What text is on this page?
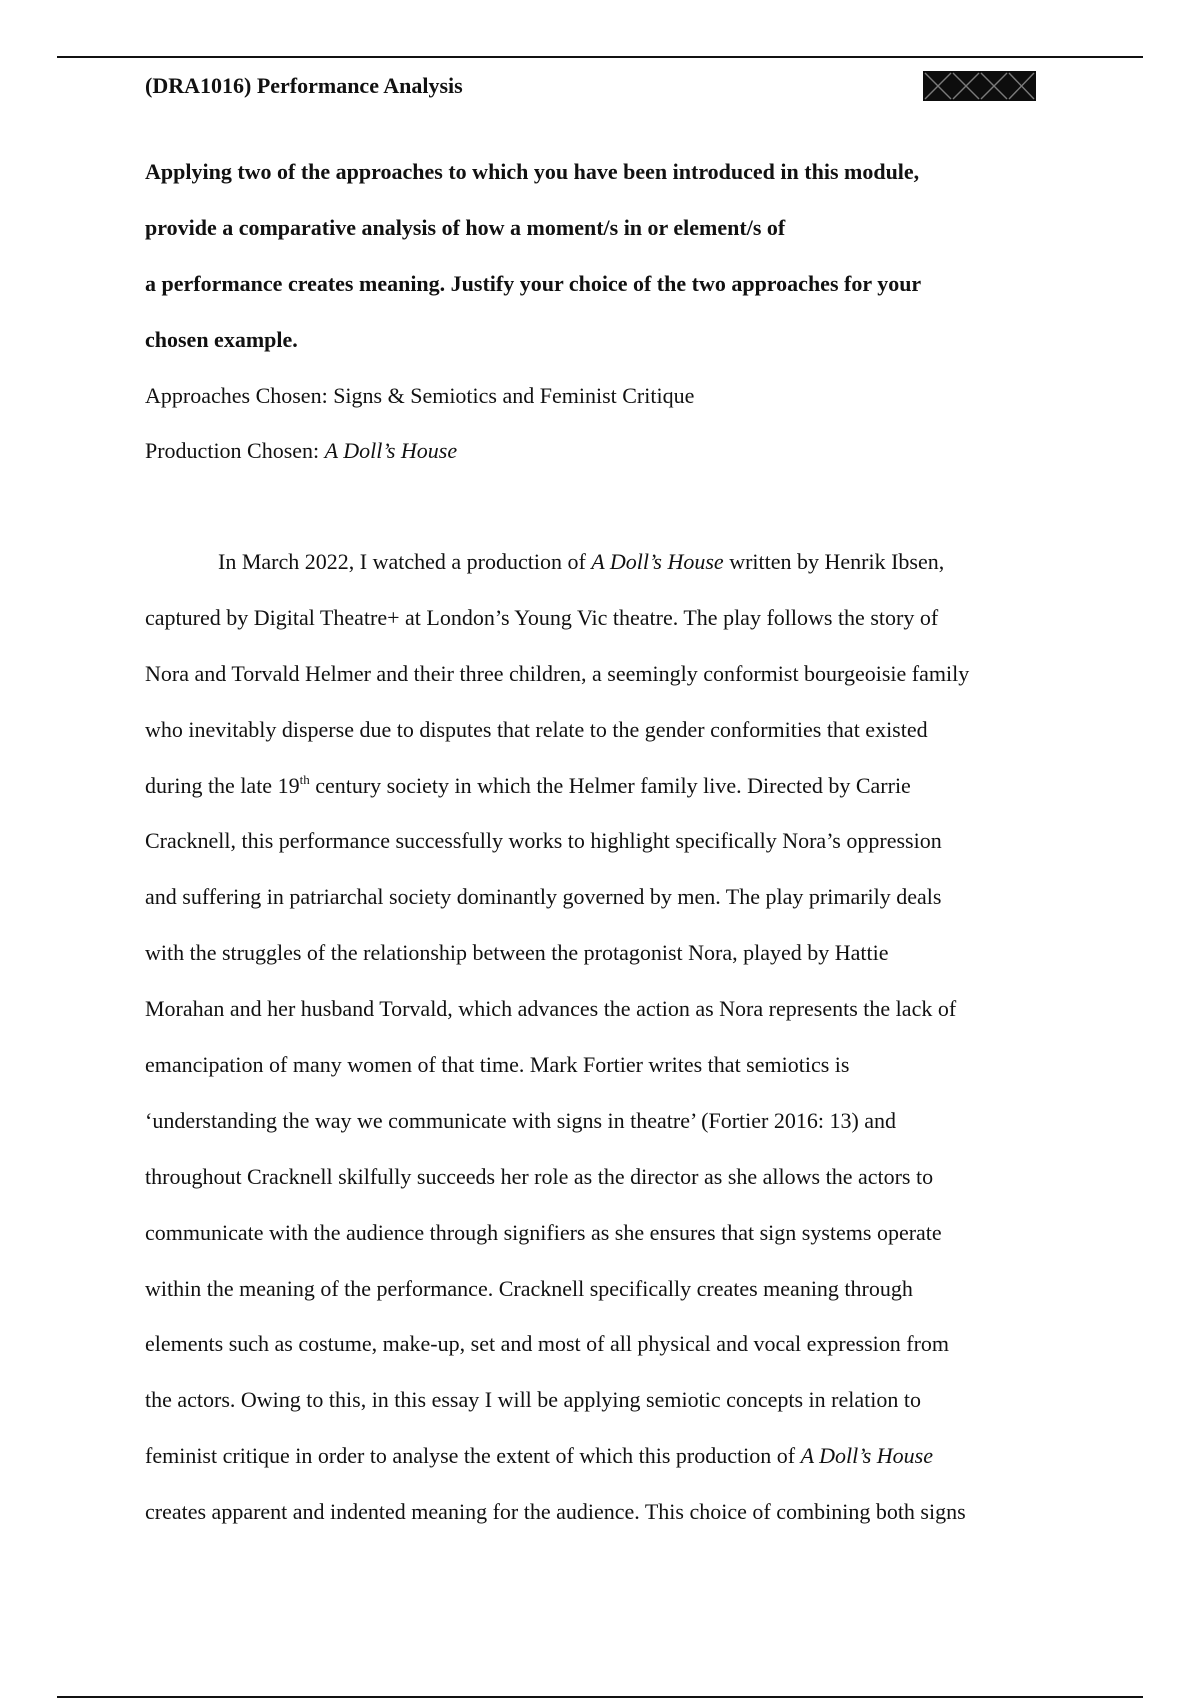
(DRA1016) Performance Analysis
Applying two of the approaches to which you have been introduced in this module,
provide a comparative analysis of how a moment/s in or element/s of
a performance creates meaning. Justify your choice of the two approaches for your
chosen example.
Approaches Chosen: Signs & Semiotics and Feminist Critique
Production Chosen: A Doll’s House
In March 2022, I watched a production of A Doll’s House written by Henrik Ibsen,
captured by Digital Theatre+ at London’s Young Vic theatre. The play follows the story of
Nora and Torvald Helmer and their three children, a seemingly conformist bourgeoisie family
who inevitably disperse due to disputes that relate to the gender conformities that existed
during the late 19th century society in which the Helmer family live. Directed by Carrie
Cracknell, this performance successfully works to highlight specifically Nora’s oppression
and suffering in patriarchal society dominantly governed by men. The play primarily deals
with the struggles of the relationship between the protagonist Nora, played by Hattie
Morahan and her husband Torvald, which advances the action as Nora represents the lack of
emancipation of many women of that time. Mark Fortier writes that semiotics is
‘understanding the way we communicate with signs in theatre’ (Fortier 2016: 13) and
throughout Cracknell skilfully succeeds her role as the director as she allows the actors to
communicate with the audience through signifiers as she ensures that sign systems operate
within the meaning of the performance. Cracknell specifically creates meaning through
elements such as costume, make-up, set and most of all physical and vocal expression from
the actors. Owing to this, in this essay I will be applying semiotic concepts in relation to
feminist critique in order to analyse the extent of which this production of A Doll’s House
creates apparent and indented meaning for the audience. This choice of combining both signs
